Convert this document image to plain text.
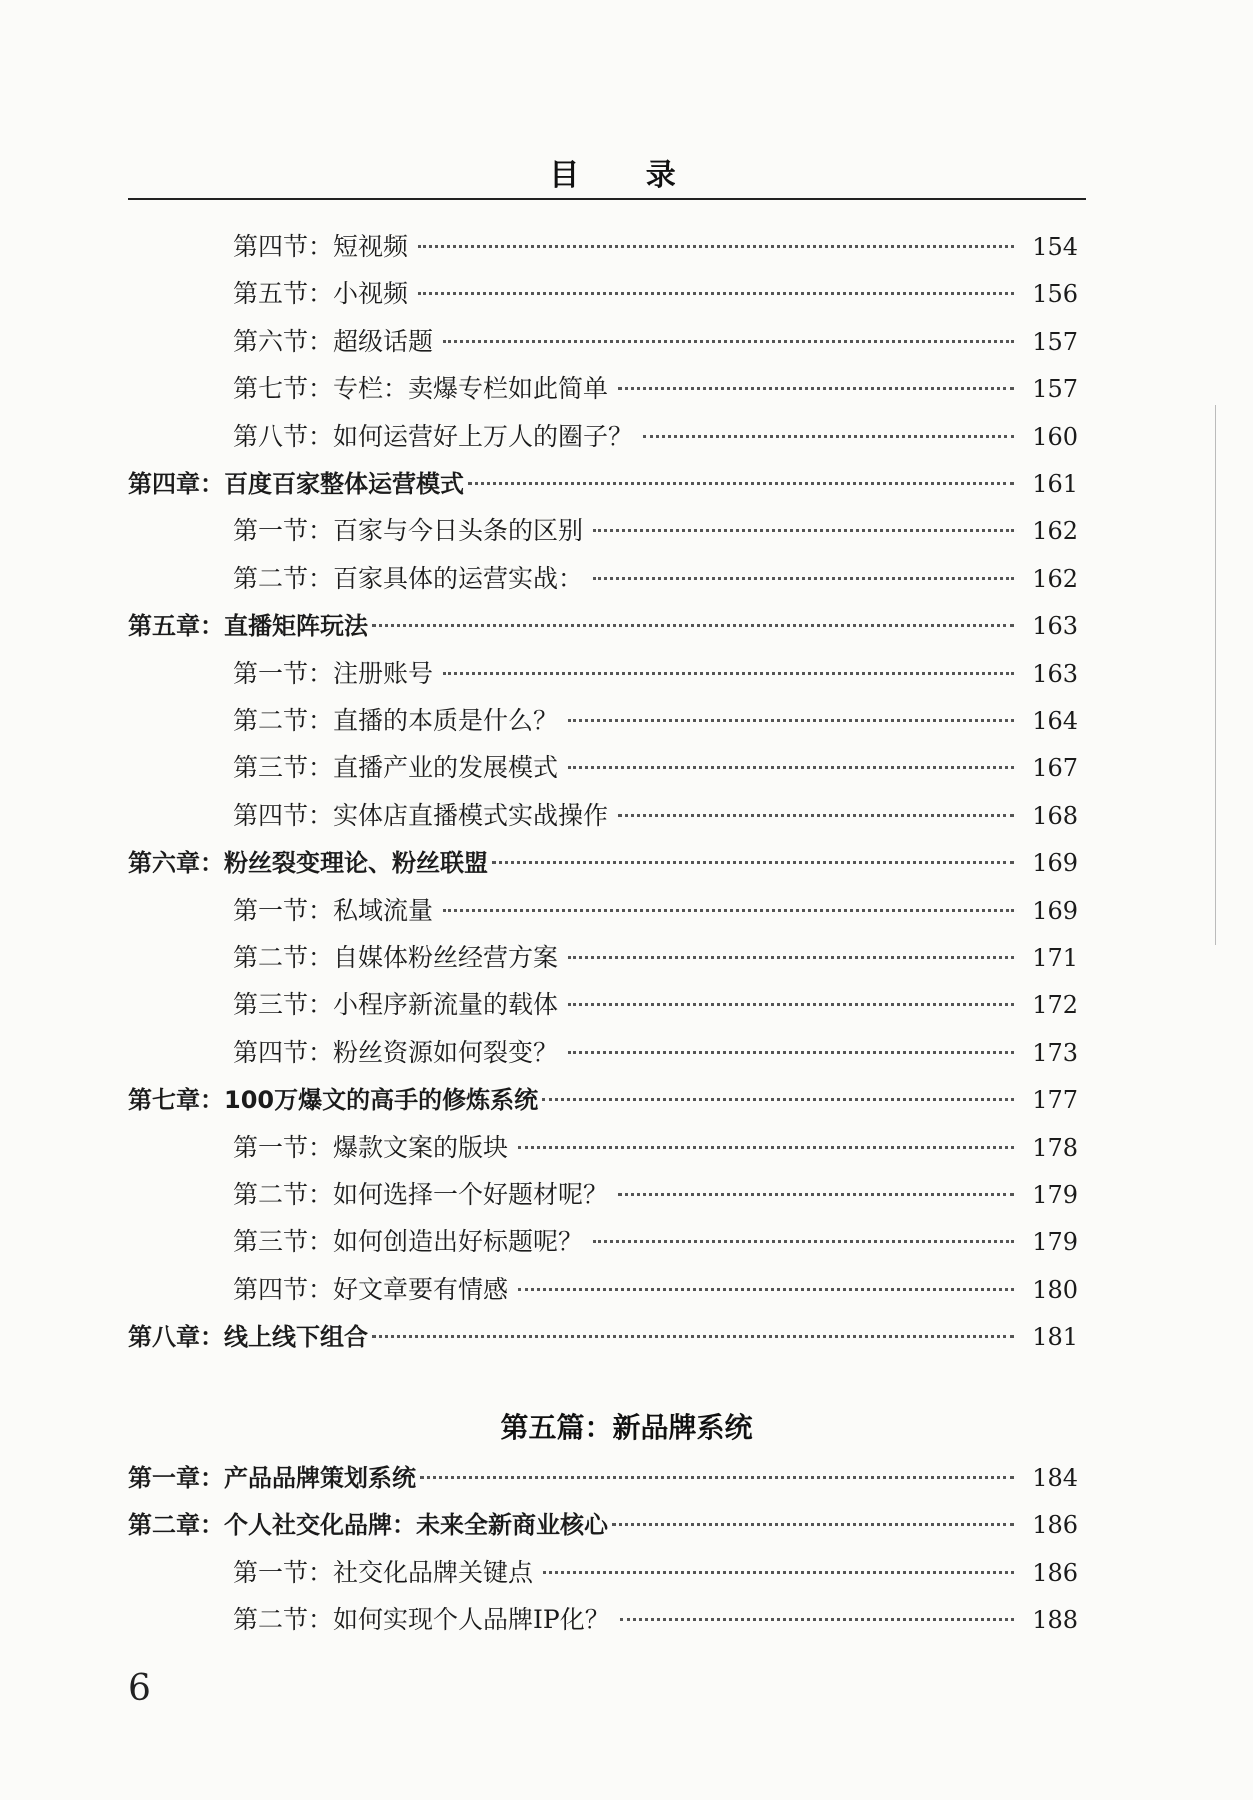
目 录
第四节：短视频	154
第五节：小视频	156
第六节：超级话题	157
第七节：专栏：卖爆专栏如此简单	157
第八节：如何运营好上万人的圈子？	160
第四章：百度百家整体运营模式	161
第一节：百家与今日头条的区别	162
第二节：百家具体的运营实战：	162
第五章：直播矩阵玩法	163
第一节：注册账号	163
第二节：直播的本质是什么？	164
第三节：直播产业的发展模式	167
第四节：实体店直播模式实战操作	168
第六章：粉丝裂变理论、粉丝联盟	169
第一节：私域流量	169
第二节：自媒体粉丝经营方案	171
第三节：小程序新流量的载体	172
第四节：粉丝资源如何裂变？	173
第七章：100万爆文的高手的修炼系统	177
第一节：爆款文案的版块	178
第二节：如何选择一个好题材呢？	179
第三节：如何创造出好标题呢？	179
第四节：好文章要有情感	180
第八章：线上线下组合	181
第一章：产品品牌策划系统	184
第二章：个人社交化品牌：未来全新商业核心	186
第一节：社交化品牌关键点	186
第二节：如何实现个人品牌IP化？	188
第五篇：新品牌系统
6
